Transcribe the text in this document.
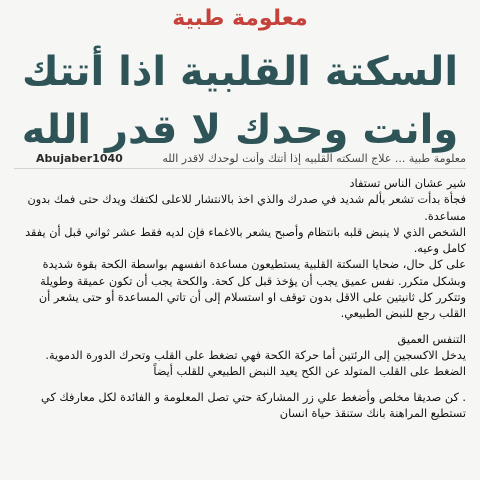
معلومة طبية
السكتة القلبية اذا أتتك
وانت وحدك لا قدر الله
Abujaber1040	معلومة طبية ... علاج السكته القلبيه إذا أتتك وأنت لوحدك لاقدر الله

شير عشان الناس تستفاد

فجأة بدأت تشعر بألم شديد في صدرك والذي اخذ بالانتشار للاعلى لكتفك ويدك حتى فمك بدون مساعدة.

الشخص الذي لا ينبض قلبه بانتظام وأصبح يشعر بالاغماء فإن لديه فقط عشر ثواني قبل أن يفقد كامل وعيه.

على كل حال، ضحايا السكتة القلبية يستطيعون مساعدة انفسهم بواسطة الكحة بقوة شديدة وبشكل متكرر. نفس عميق يجب أن يؤخذ قبل كل كحة. والكحة يجب أن تكون عميقة وطويلة وتتكرر كل ثانيتين على الاقل بدون توقف او استسلام إلى أن تاتي المساعدة أو حتى يشعر أن القلب رجع للنبض الطبيعي.

التنفس العميق

يدخل الاكسجين إلى الرئتين أما حركة الكحة فهي تضغط على القلب وتحرك الدورة الدموية. الضغط على القلب المتولد عن الكح يعيد النبض الطبيعي للقلب أيضاً

. كن صديقا مخلص وأضغط علي زر المشاركة حتي تصل المعلومة و الفائدة لكل معارفك كي تستطيع المراهنة بانك ستنقذ حياة انسان
